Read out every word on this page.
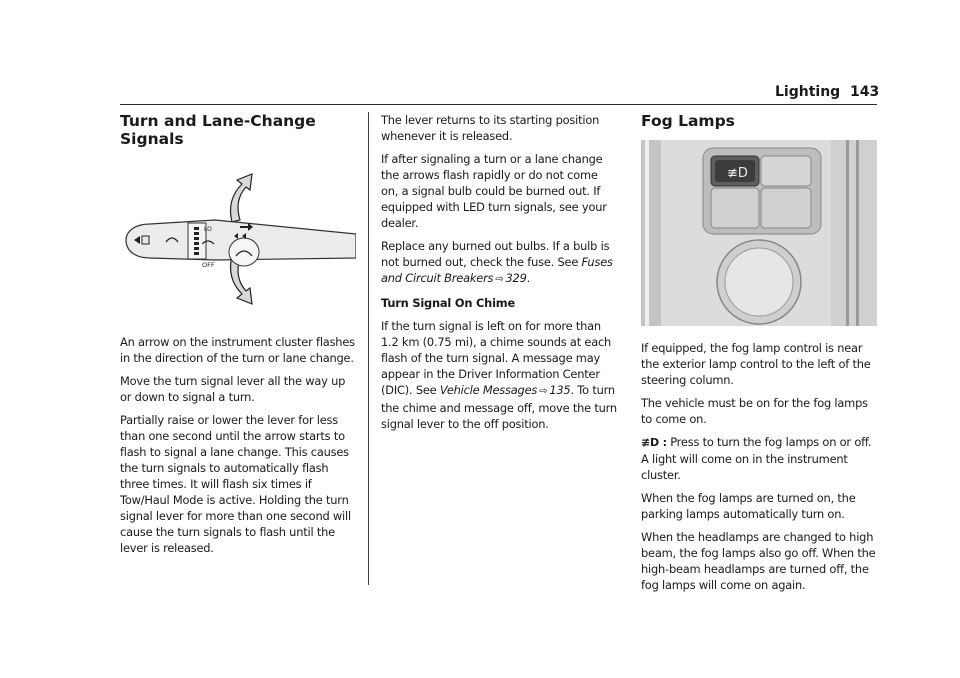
Lighting 143
Turn and Lane-Change Signals
LO
OFF

An arrow on the instrument cluster flashes in the direction of the turn or lane change.

Move the turn signal lever all the way up or down to signal a turn.

Partially raise or lower the lever for less than one second until the arrow starts to flash to signal a lane change. This causes the turn signals to automatically flash three times. It will flash six times if Tow/Haul Mode is active. Holding the turn signal lever for more than one second will cause the turn signals to flash until the lever is released.

The lever returns to its starting position whenever it is released.

If after signaling a turn or a lane change the arrows flash rapidly or do not come on, a signal bulb could be burned out. If equipped with LED turn signals, see your dealer.

Replace any burned out bulbs. If a bulb is not burned out, check the fuse. See Fuses and Circuit Breakers ⇨ 329.

Turn Signal On Chime

If the turn signal is left on for more than 1.2 km (0.75 mi), a chime sounds at each flash of the turn signal. A message may appear in the Driver Information Center (DIC). See Vehicle Messages ⇨ 135. To turn the chime and message off, move the turn signal lever to the off position.

Fog Lamps
≢D

If equipped, the fog lamp control is near the exterior lamp control to the left of the steering column.

The vehicle must be on for the fog lamps to come on.

≢D : Press to turn the fog lamps on or off. A light will come on in the instrument cluster.

When the fog lamps are turned on, the parking lamps automatically turn on.

When the headlamps are changed to high beam, the fog lamps also go off. When the high-beam headlamps are turned off, the fog lamps will come on again.
